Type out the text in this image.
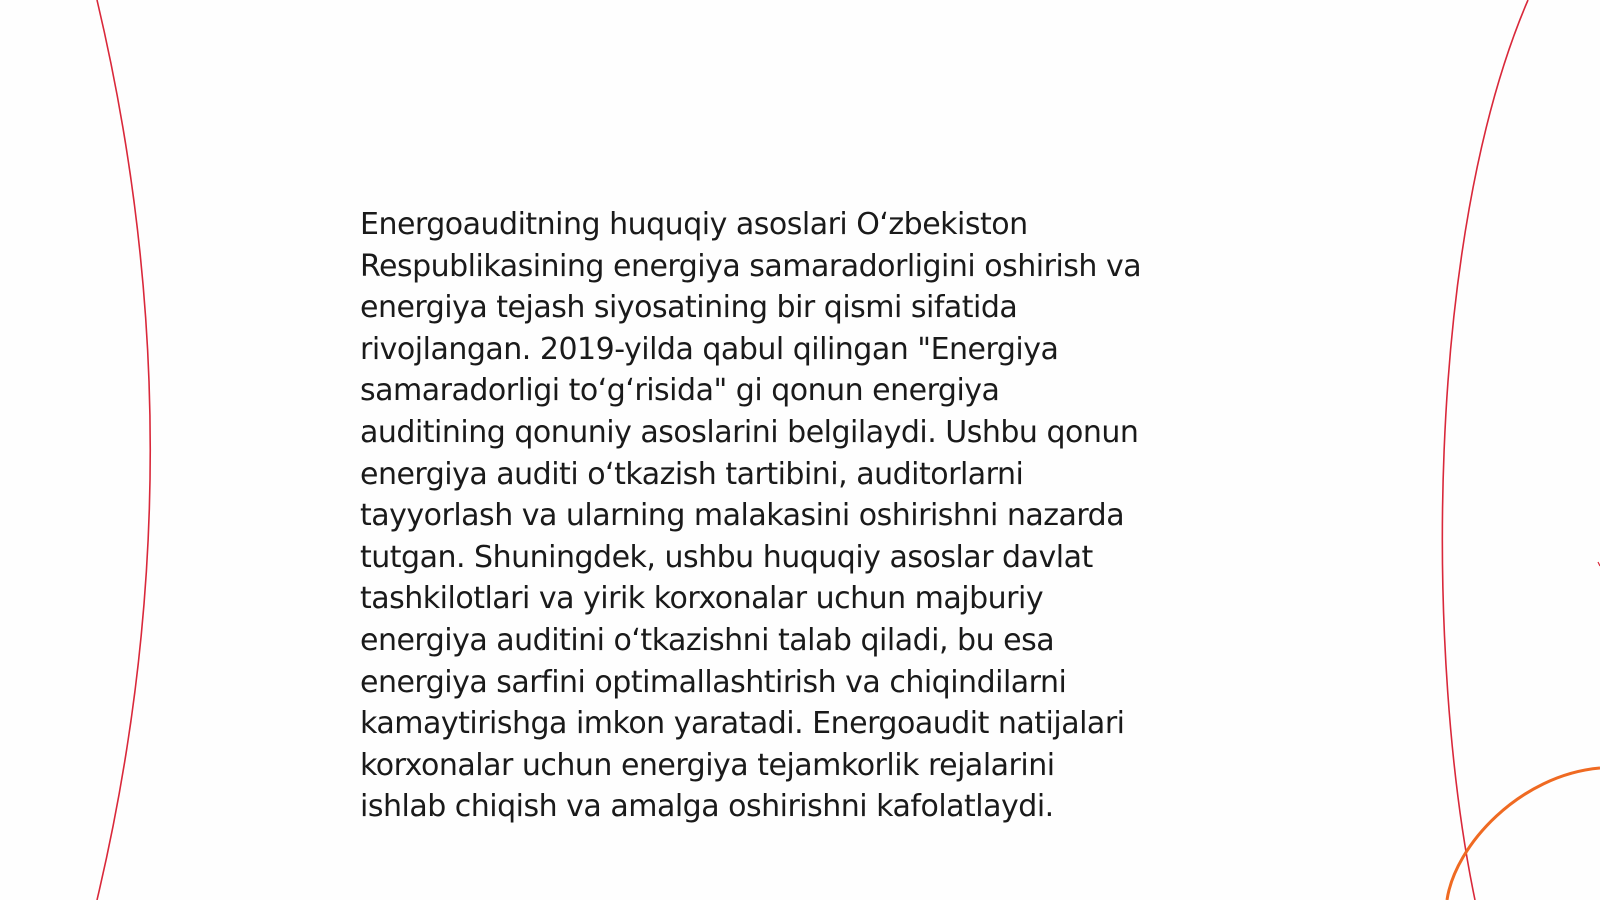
Energoauditning huquqiy asoslari O‘zbekiston
Respublikasining energiya samaradorligini oshirish va
energiya tejash siyosatining bir qismi sifatida
rivojlangan. 2019-yilda qabul qilingan "Energiya
samaradorligi to‘g‘risida" gi qonun energiya
auditining qonuniy asoslarini belgilaydi. Ushbu qonun
energiya auditi o‘tkazish tartibini, auditorlarni
tayyorlash va ularning malakasini oshirishni nazarda
tutgan. Shuningdek, ushbu huquqiy asoslar davlat
tashkilotlari va yirik korxonalar uchun majburiy
energiya auditini o‘tkazishni talab qiladi, bu esa
energiya sarfini optimallashtirish va chiqindilarni
kamaytirishga imkon yaratadi. Energoaudit natijalari
korxonalar uchun energiya tejamkorlik rejalarini
ishlab chiqish va amalga oshirishni kafolatlaydi.
